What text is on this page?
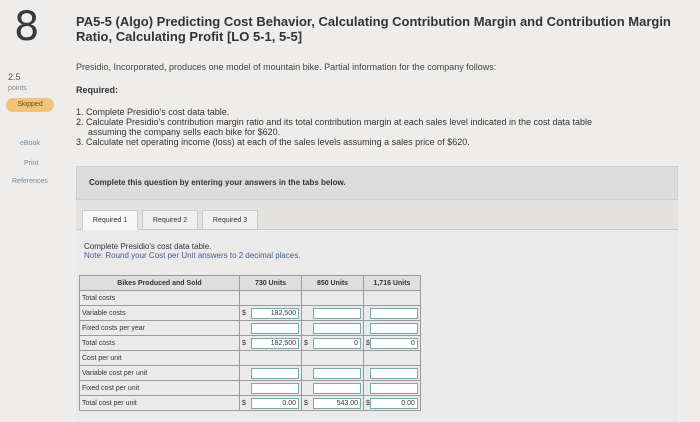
8	PA5-5 (Algo) Predicting Cost Behavior, Calculating Contribution Margin and Contribution Margin Ratio, Calculating Profit [LO 5-1, 5-5]
2.5
points
Skipped
eBook
Print
References
Presidio, Incorporated, produces one model of mountain bike. Partial information for the company follows:
Required:
1. Complete Presidio's cost data table.
2. Calculate Presidio's contribution margin ratio and its total contribution margin at each sales level indicated in the cost data table
assuming the company sells each bike for $620.
3. Calculate net operating income (loss) at each of the sales levels assuming a sales price of $620.
Complete this question by entering your answers in the tabs below.
Required 1	Required 2	Required 3
Complete Presidio's cost data table.
Note: Round your Cost per Unit answers to 2 decimal places.
Bikes Produced and Sold	730 Units	850 Units	1,716 Units
Total costs			
Variable costs	$ 182,500		

Fixed costs per year	

Total costs	$ 182,500	$ 0	$ 0

Cost per unit			
Variable cost per unit	

Fixed cost per unit	

Total cost per unit	$ 0.00	$ 543.00	$ 0.00
